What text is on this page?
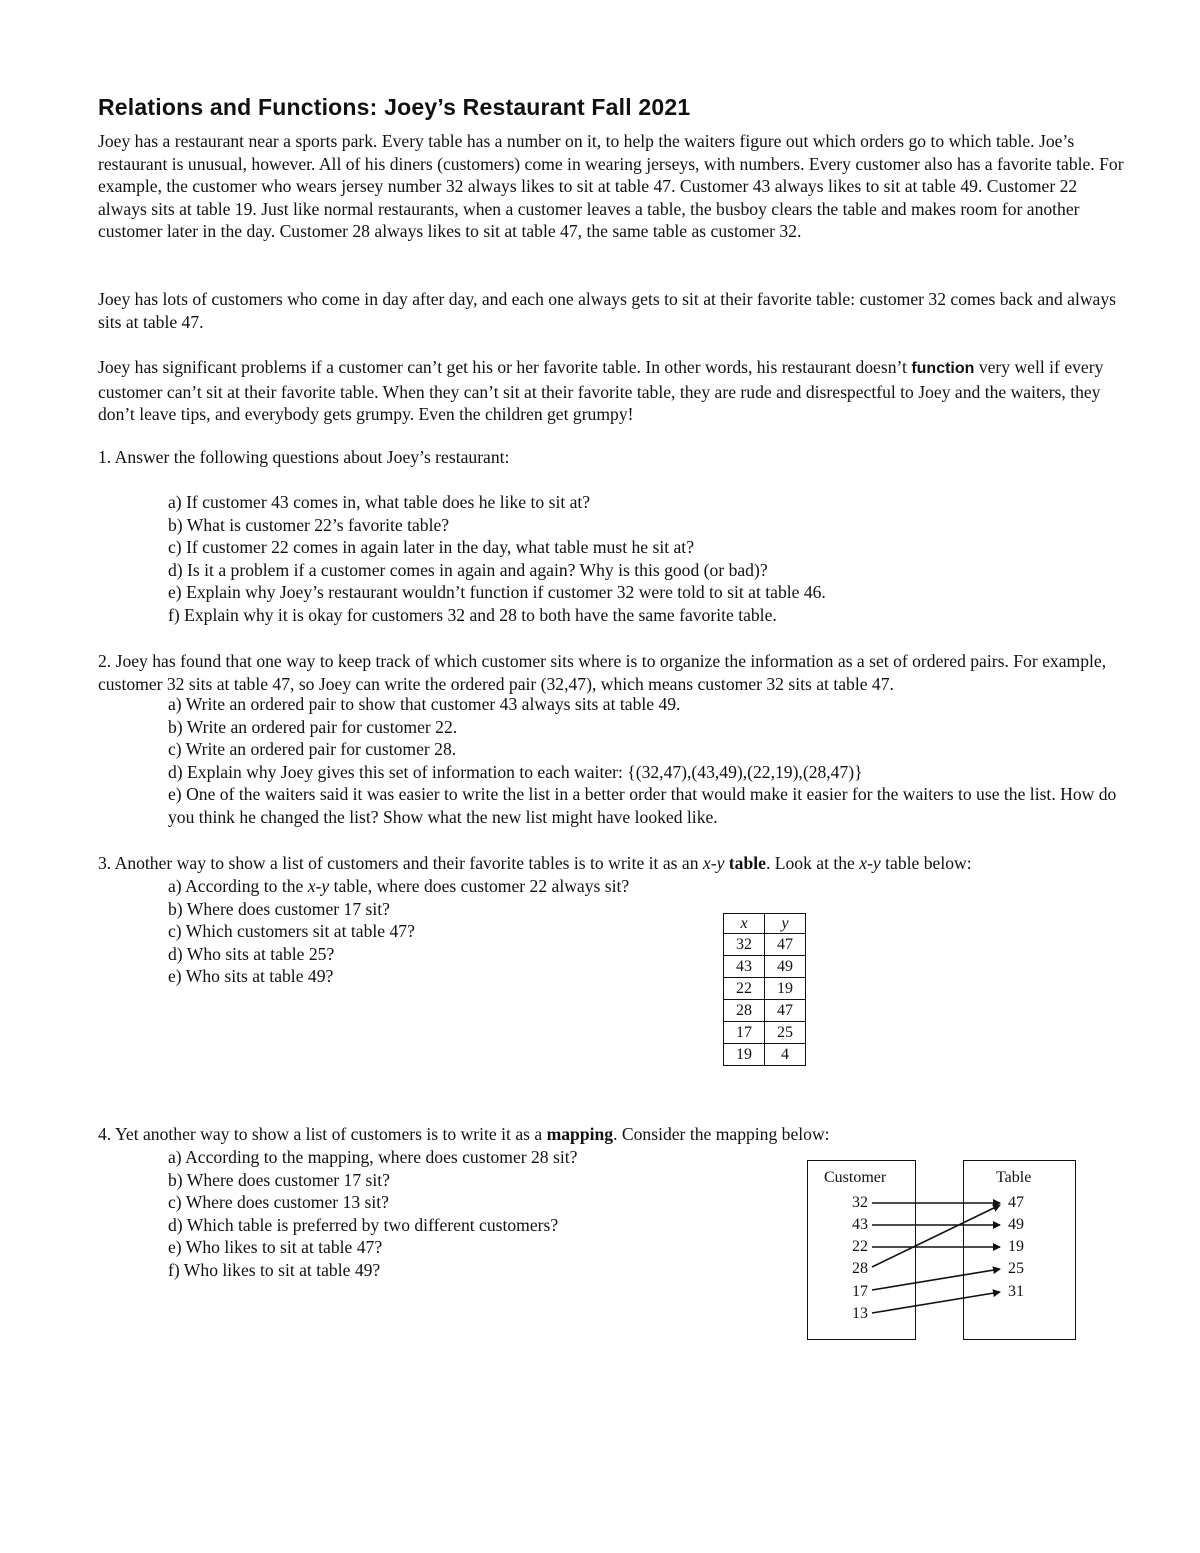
Relations and Functions: Joey’s Restaurant Fall 2021

Joey has a restaurant near a sports park. Every table has a number on it, to help the waiters figure out which orders go to which table. Joe’s restaurant is unusual, however. All of his diners (customers) come in wearing jerseys, with numbers. Every customer also has a favorite table. For example, the customer who wears jersey number 32 always likes to sit at table 47. Customer 43 always likes to sit at table 49. Customer 22 always sits at table 19. Just like normal restaurants, when a customer leaves a table, the busboy clears the table and makes room for another customer later in the day. Customer 28 always likes to sit at table 47, the same table as customer 32.

Joey has lots of customers who come in day after day, and each one always gets to sit at their favorite table: customer 32 comes back and always sits at table 47.

Joey has significant problems if a customer can’t get his or her favorite table. In other words, his restaurant doesn’t function very well if every customer can’t sit at their favorite table. When they can’t sit at their favorite table, they are rude and disrespectful to Joey and the waiters, they don’t leave tips, and everybody gets grumpy. Even the children get grumpy!

1. Answer the following questions about Joey’s restaurant:

a) If customer 43 comes in, what table does he like to sit at?
b) What is customer 22’s favorite table?
c) If customer 22 comes in again later in the day, what table must he sit at?
d) Is it a problem if a customer comes in again and again? Why is this good (or bad)?
e) Explain why Joey’s restaurant wouldn’t function if customer 32 were told to sit at table 46.
f) Explain why it is okay for customers 32 and 28 to both have the same favorite table.

2. Joey has found that one way to keep track of which customer sits where is to organize the information as a set of ordered pairs. For example, customer 32 sits at table 47, so Joey can write the ordered pair (32,47), which means customer 32 sits at table 47.

a) Write an ordered pair to show that customer 43 always sits at table 49.
b) Write an ordered pair for customer 22.
c) Write an ordered pair for customer 28.
d) Explain why Joey gives this set of information to each waiter: {(32,47),(43,49),(22,19),(28,47)}
e) One of the waiters said it was easier to write the list in a better order that would make it easier for the waiters to use the list. How do you think he changed the list? Show what the new list might have looked like.

3. Another way to show a list of customers and their favorite tables is to write it as an x-y table. Look at the x-y table below:

a) According to the x-y table, where does customer 22 always sit?
b) Where does customer 17 sit?
c) Which customers sit at table 47?
d) Who sits at table 25?
e) Who sits at table 49?
x	y
32	47
43	49
22	19
28	47
17	25
19	4

4. Yet another way to show a list of customers is to write it as a mapping. Consider the mapping below:

a) According to the mapping, where does customer 28 sit?
b) Where does customer 17 sit?
c) Where does customer 13 sit?
d) Which table is preferred by two different customers?
e) Who likes to sit at table 47?
f) Who likes to sit at table 49?
Customer	Table
32
43
22
28
17
13
47
49
19
25
31
